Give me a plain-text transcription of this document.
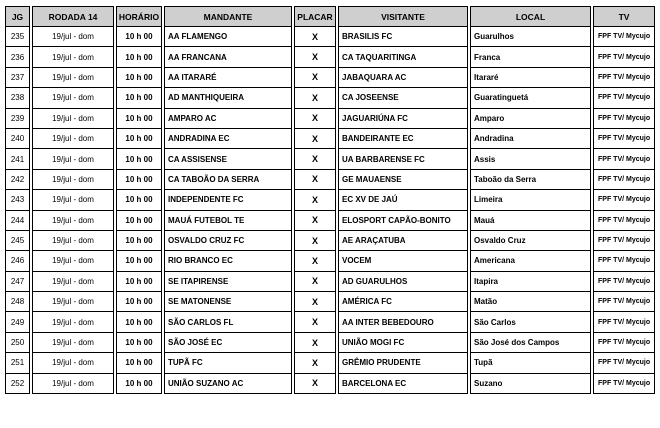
JG	RODADA 14	HORÁRIO	MANDANTE	PLACAR	VISITANTE	LOCAL	TV
235	19/jul - dom	10 h 00	AA FLAMENGO	X	BRASILIS FC	Guarulhos	FPF TV/ Mycujo
236	19/jul - dom	10 h 00	AA FRANCANA	X	CA TAQUARITINGA	Franca	FPF TV/ Mycujo
237	19/jul - dom	10 h 00	AA ITARARÉ	X	JABAQUARA AC	Itararé	FPF TV/ Mycujo
238	19/jul - dom	10 h 00	AD MANTHIQUEIRA	X	CA JOSEENSE	Guaratinguetá	FPF TV/ Mycujo
239	19/jul - dom	10 h 00	AMPARO AC	X	JAGUARIÚNA FC	Amparo	FPF TV/ Mycujo
240	19/jul - dom	10 h 00	ANDRADINA EC	X	BANDEIRANTE EC	Andradina	FPF TV/ Mycujo
241	19/jul - dom	10 h 00	CA ASSISENSE	X	UA BARBARENSE FC	Assis	FPF TV/ Mycujo
242	19/jul - dom	10 h 00	CA TABOÃO DA SERRA	X	GE MAUAENSE	Taboão da Serra	FPF TV/ Mycujo
243	19/jul - dom	10 h 00	INDEPENDENTE FC	X	EC XV DE JAÚ	Limeira	FPF TV/ Mycujo
244	19/jul - dom	10 h 00	MAUÁ FUTEBOL TE	X	ELOSPORT CAPÃO-BONITO	Mauá	FPF TV/ Mycujo
245	19/jul - dom	10 h 00	OSVALDO CRUZ FC	X	AE ARAÇATUBA	Osvaldo Cruz	FPF TV/ Mycujo
246	19/jul - dom	10 h 00	RIO BRANCO EC	X	VOCEM	Americana	FPF TV/ Mycujo
247	19/jul - dom	10 h 00	SE ITAPIRENSE	X	AD GUARULHOS	Itapira	FPF TV/ Mycujo
248	19/jul - dom	10 h 00	SE MATONENSE	X	AMÉRICA FC	Matão	FPF TV/ Mycujo
249	19/jul - dom	10 h 00	SÃO CARLOS FL	X	AA INTER BEBEDOURO	São Carlos	FPF TV/ Mycujo
250	19/jul - dom	10 h 00	SÃO JOSÉ EC	X	UNIÃO MOGI FC	São José dos Campos	FPF TV/ Mycujo
251	19/jul - dom	10 h 00	TUPÃ FC	X	GRÊMIO PRUDENTE	Tupã	FPF TV/ Mycujo
252	19/jul - dom	10 h 00	UNIÃO SUZANO AC	X	BARCELONA EC	Suzano	FPF TV/ Mycujo
